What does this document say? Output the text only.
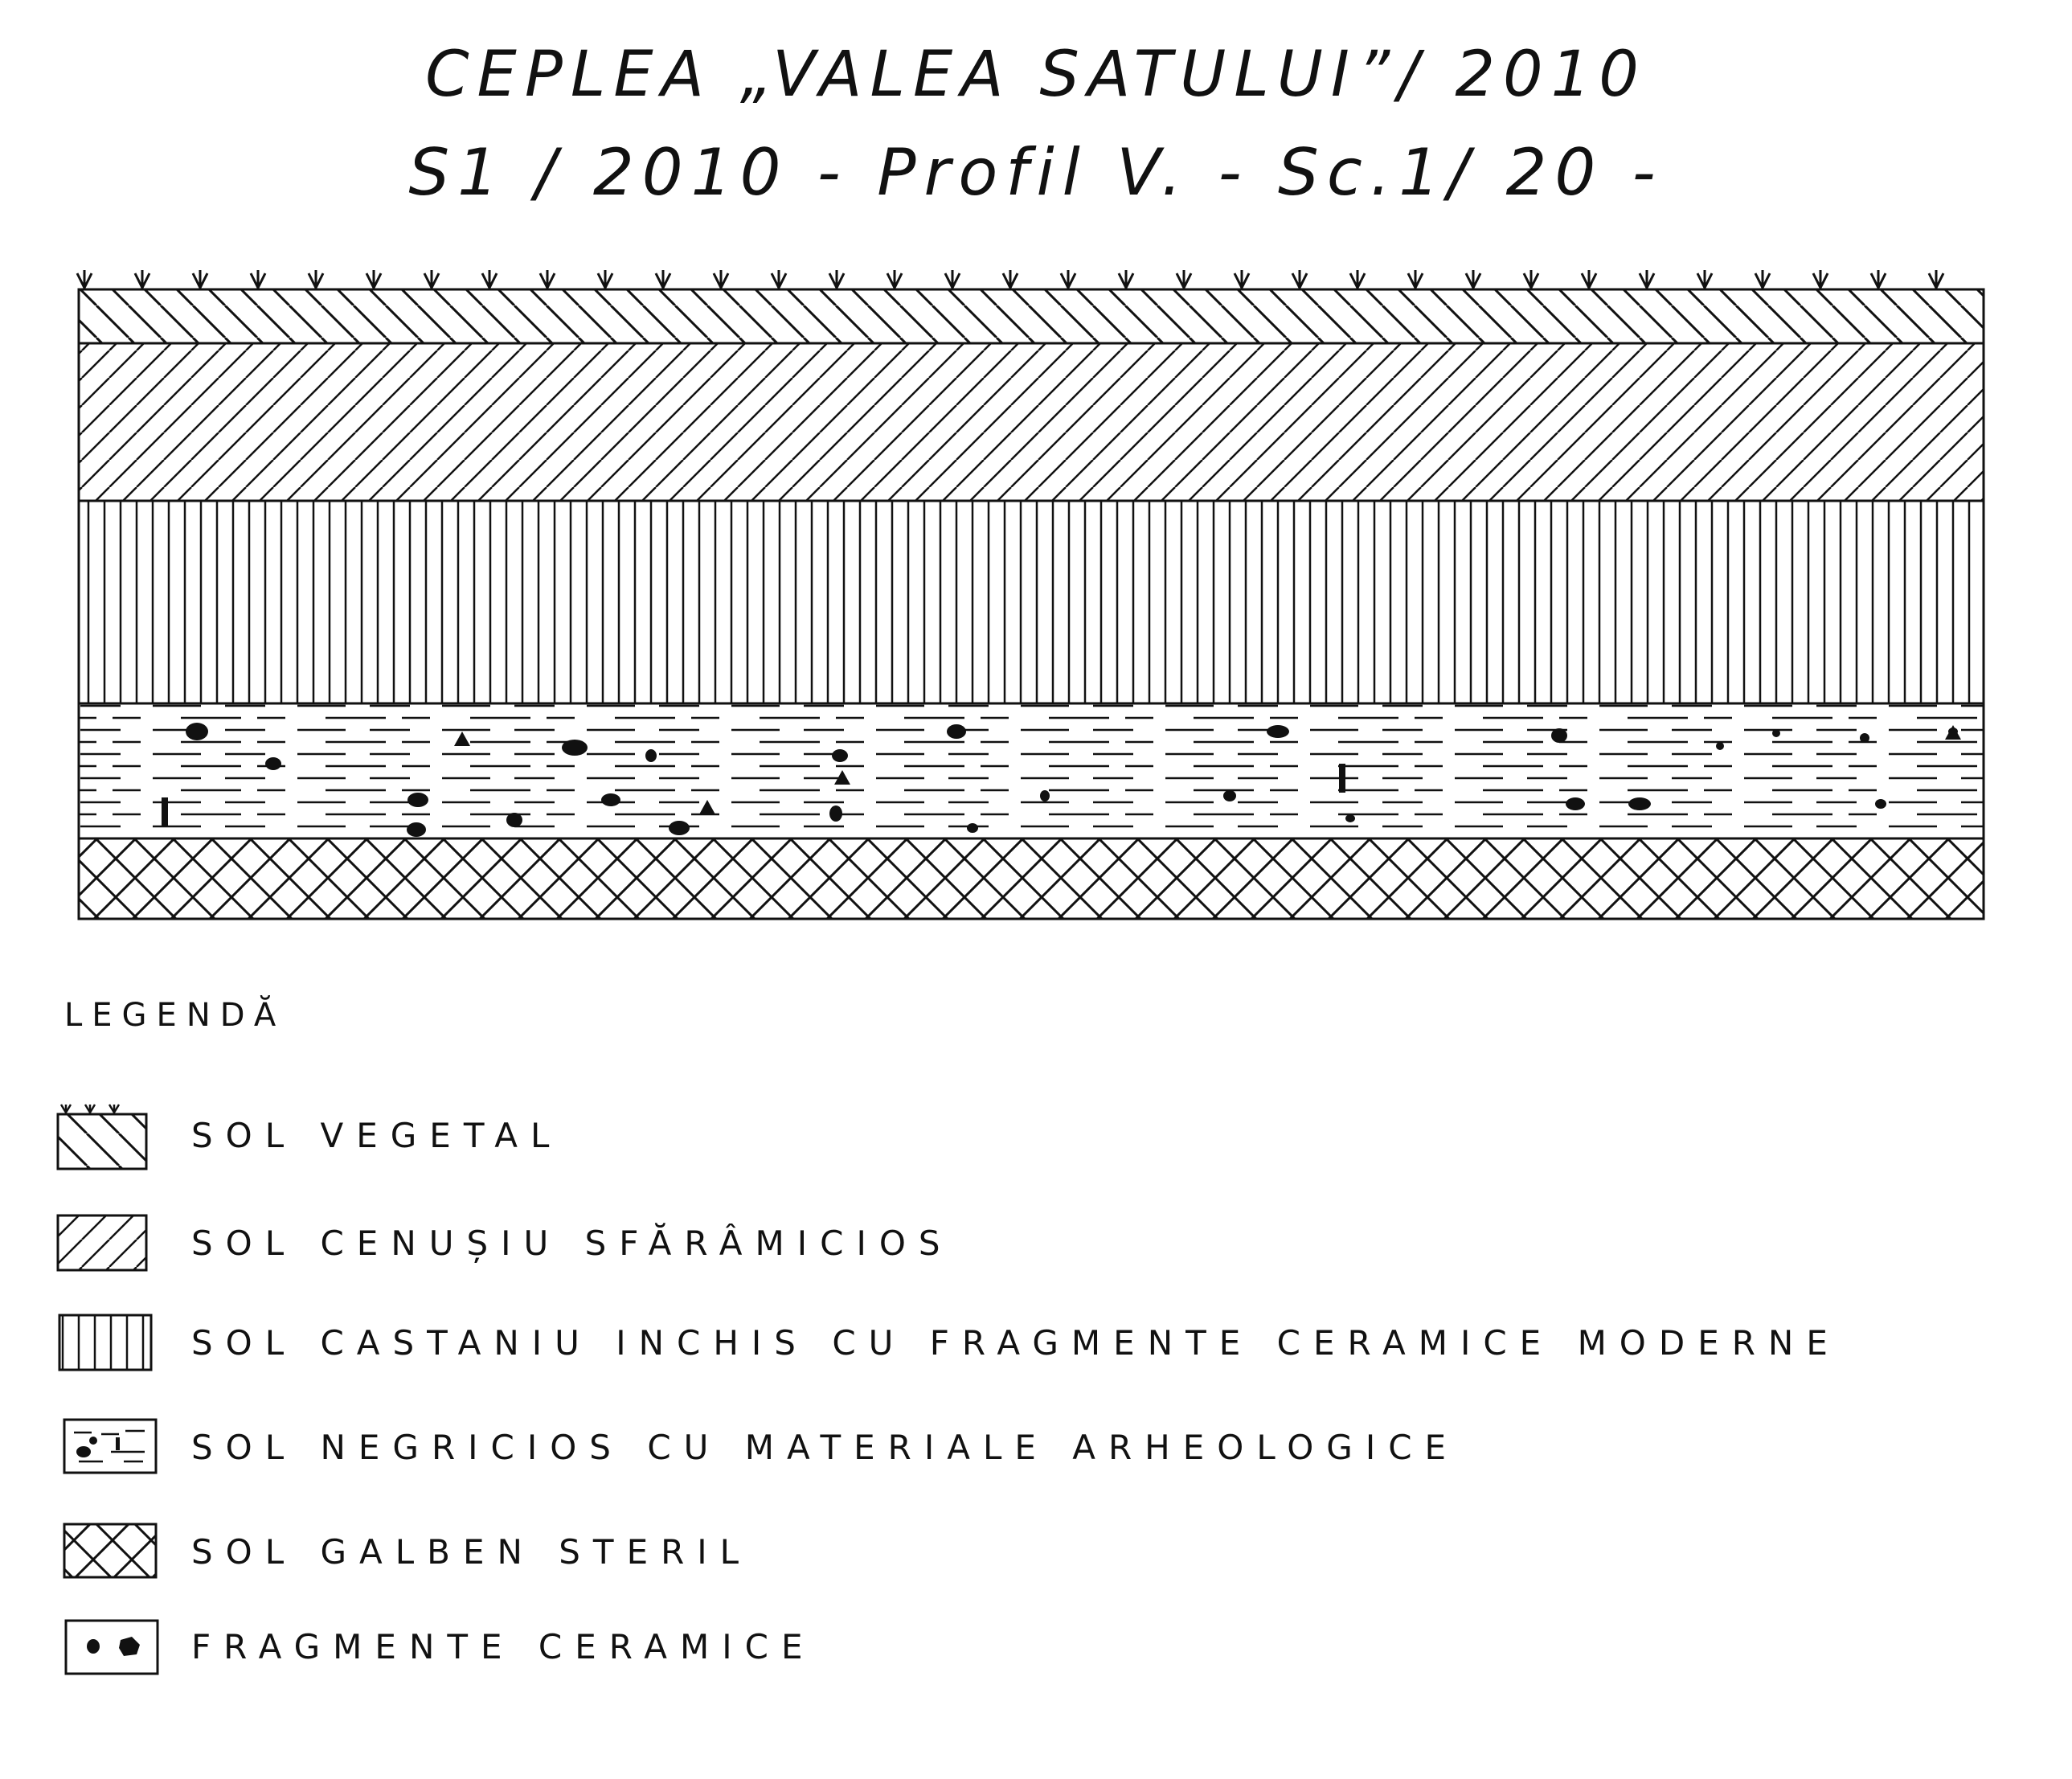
CEPLEA „VALEA SATULUI”/ 2010
S1 / 2010 - Profil V. - Sc.1/ 20 -
LEGENDĂ
SOL VEGETAL
SOL CENUȘIU SFĂRÂMICIOS
SOL CASTANIU INCHIS CU FRAGMENTE CERAMICE MODERNE
SOL NEGRICIOS CU MATERIALE ARHEOLOGICE
SOL GALBEN STERIL
FRAGMENTE CERAMICE
